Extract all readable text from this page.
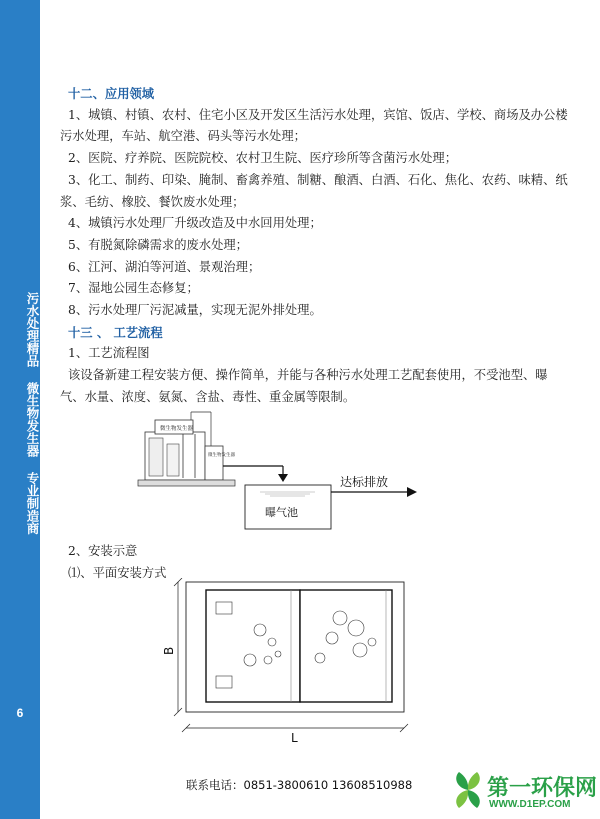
污水处理精品 微生物发生器 专业制造商
6

十二、应用领域

1、城镇、村镇、农村、住宅小区及开发区生活污水处理，宾馆、饭店、学校、商场及办公楼污水处理，车站、航空港、码头等污水处理；

2、医院、疗养院、医院院校、农村卫生院、医疗珍所等含菌污水处理；

3、化工、制药、印染、腌制、畜禽养殖、制糖、酿酒、白酒、石化、焦化、农药、味精、纸浆、毛纺、橡胶、餐饮废水处理；

4、城镇污水处理厂升级改造及中水回用处理；

5、有脱氮除磷需求的废水处理；

6、江河、湖泊等河道、景观治理；

7、湿地公园生态修复；

8、污水处理厂污泥减量，实现无泥外排处理。

十三 、 工艺流程

1、工艺流程图

该设备新建工程安装方便、操作简单，并能与各种污水处理工艺配套使用，不受池型、曝气、水量、浓度、氨氮、含盐、毒性、重金属等限制。

微生物发生器
微生物发生器
曝气池
达标排放
2、安装示意
⑴、平面安装方式
B
L
联系电话：0851-3800610 13608510988	第一环保网
WWW.D1EP.COM
